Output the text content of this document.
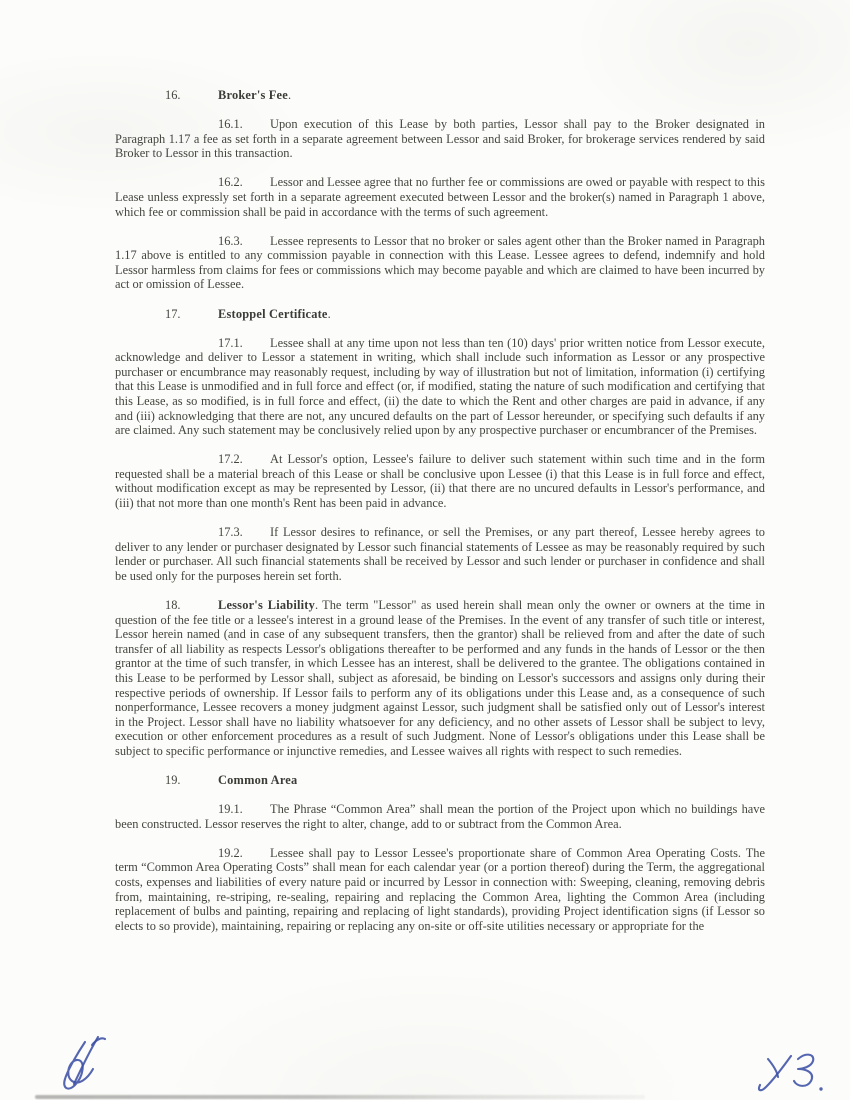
16.	Broker's Fee.

16.1. Upon execution of this Lease by both parties, Lessor shall pay to the Broker designated in Paragraph 1.17 a fee as set forth in a separate agreement between Lessor and said Broker, for brokerage services rendered by said Broker to Lessor in this transaction.

16.2. Lessor and Lessee agree that no further fee or commissions are owed or payable with respect to this Lease unless expressly set forth in a separate agreement executed between Lessor and the broker(s) named in Paragraph 1 above, which fee or commission shall be paid in accordance with the terms of such agreement.

16.3. Lessee represents to Lessor that no broker or sales agent other than the Broker named in Paragraph 1.17 above is entitled to any commission payable in connection with this Lease. Lessee agrees to defend, indemnify and hold Lessor harmless from claims for fees or commissions which may become payable and which are claimed to have been incurred by act or omission of Lessee.

17.	Estoppel Certificate.

17.1. Lessee shall at any time upon not less than ten (10) days' prior written notice from Lessor execute, acknowledge and deliver to Lessor a statement in writing, which shall include such information as Lessor or any prospective purchaser or encumbrance may reasonably request, including by way of illustration but not of limitation, information (i) certifying that this Lease is unmodified and in full force and effect (or, if modified, stating the nature of such modification and certifying that this Lease, as so modified, is in full force and effect, (ii) the date to which the Rent and other charges are paid in advance, if any and (iii) acknowledging that there are not, any uncured defaults on the part of Lessor hereunder, or specifying such defaults if any are claimed. Any such statement may be conclusively relied upon by any prospective purchaser or encumbrancer of the Premises.

17.2. At Lessor's option, Lessee's failure to deliver such statement within such time and in the form requested shall be a material breach of this Lease or shall be conclusive upon Lessee (i) that this Lease is in full force and effect, without modification except as may be represented by Lessor, (ii) that there are no uncured defaults in Lessor's performance, and (iii) that not more than one month's Rent has been paid in advance.

17.3. If Lessor desires to refinance, or sell the Premises, or any part thereof, Lessee hereby agrees to deliver to any lender or purchaser designated by Lessor such financial statements of Lessee as may be reasonably required by such lender or purchaser. All such financial statements shall be received by Lessor and such lender or purchaser in confidence and shall be used only for the purposes herein set forth.

18.	Lessor's Liability. The term "Lessor" as used herein shall mean only the owner or owners at the time in question of the fee title or a lessee's interest in a ground lease of the Premises. In the event of any transfer of such title or interest, Lessor herein named (and in case of any subsequent transfers, then the grantor) shall be relieved from and after the date of such transfer of all liability as respects Lessor's obligations thereafter to be performed and any funds in the hands of Lessor or the then grantor at the time of such transfer, in which Lessee has an interest, shall be delivered to the grantee. The obligations contained in this Lease to be performed by Lessor shall, subject as aforesaid, be binding on Lessor's successors and assigns only during their respective periods of ownership. If Lessor fails to perform any of its obligations under this Lease and, as a consequence of such nonperformance, Lessee recovers a money judgment against Lessor, such judgment shall be satisfied only out of Lessor's interest in the Project. Lessor shall have no liability whatsoever for any deficiency, and no other assets of Lessor shall be subject to levy, execution or other enforcement procedures as a result of such Judgment. None of Lessor's obligations under this Lease shall be subject to specific performance or injunctive remedies, and Lessee waives all rights with respect to such remedies.

19.	Common Area

19.1. The Phrase “Common Area” shall mean the portion of the Project upon which no buildings have been constructed. Lessor reserves the right to alter, change, add to or subtract from the Common Area.

19.2. Lessee shall pay to Lessor Lessee's proportionate share of Common Area Operating Costs. The term “Common Area Operating Costs” shall mean for each calendar year (or a portion thereof) during the Term, the aggregational costs, expenses and liabilities of every nature paid or incurred by Lessor in connection with: Sweeping, cleaning, removing debris from, maintaining, re-striping, re-sealing, repairing and replacing the Common Area, lighting the Common Area (including replacement of bulbs and painting, repairing and replacing of light standards), providing Project identification signs (if Lessor so elects to so provide), maintaining, repairing or replacing any on-site or off-site utilities necessary or appropriate for the
